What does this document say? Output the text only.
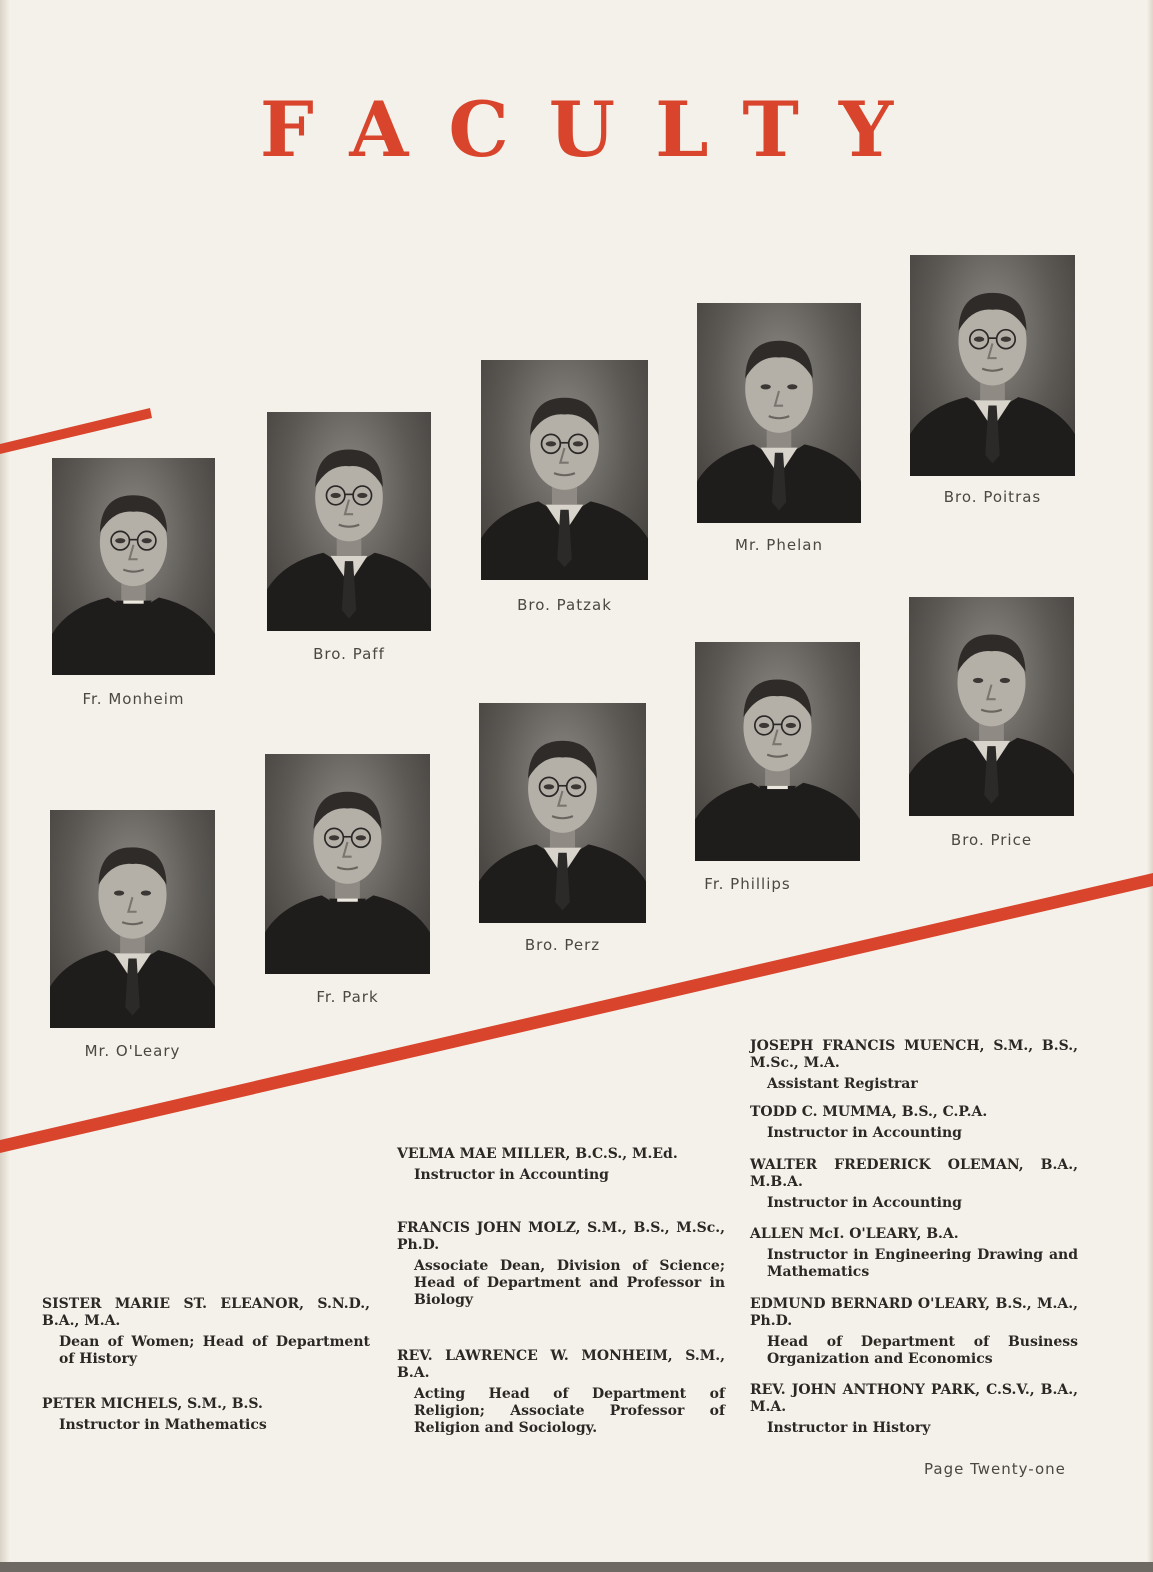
FACULTY
Fr. Monheim
Bro. Paff
Bro. Patzak
Mr. Phelan
Bro. Poitras
Mr. O'Leary
Fr. Park
Bro. Perz
Fr. Phillips
Bro. Price
SISTER MARIE ST. ELEANOR, S.N.D., B.A., M.A.
Dean of Women; Head of Department of History
PETER MICHELS, S.M., B.S.
Instructor in Mathematics
VELMA MAE MILLER, B.C.S., M.Ed.
Instructor in Accounting
FRANCIS JOHN MOLZ, S.M., B.S., M.Sc., Ph.D.
Associate Dean, Division of Science; Head of Department and Professor in Biology
REV. LAWRENCE W. MONHEIM, S.M., B.A.
Acting Head of Department of Religion; Associate Professor of Religion and Sociology.
JOSEPH FRANCIS MUENCH, S.M., B.S., M.Sc., M.A.
Assistant Registrar
TODD C. MUMMA, B.S., C.P.A.
Instructor in Accounting
WALTER FREDERICK OLEMAN, B.A., M.B.A.
Instructor in Accounting
ALLEN McI. O'LEARY, B.A.
Instructor in Engineering Drawing and Mathematics
EDMUND BERNARD O'LEARY, B.S., M.A., Ph.D.
Head of Department of Business Organization and Economics
REV. JOHN ANTHONY PARK, C.S.V., B.A., M.A.
Instructor in History
Page Twenty-one
